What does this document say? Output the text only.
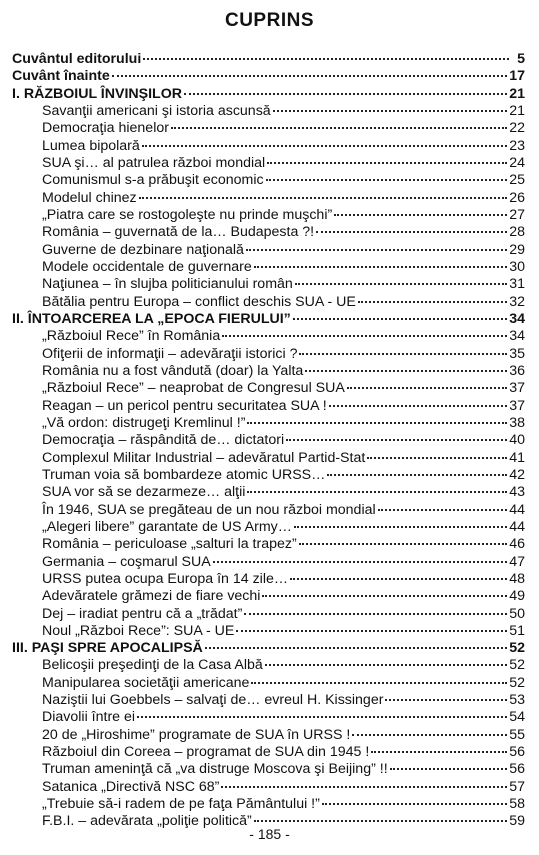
CUPRINS
Cuvântul editorului	5
Cuvânt înainte	17
I. RĂZBOIUL ÎNVINŞILOR	21
Savanţii americani şi istoria ascunsă	21
Democraţia hienelor	22
Lumea bipolară	23
SUA şi… al patrulea război mondial	24
Comunismul s-a prăbuşit economic	25
Modelul chinez	26
„Piatra care se rostogoleşte nu prinde muşchi”	27
România – guvernată de la… Budapesta ?!	28
Guverne de dezbinare naţională	29
Modele occidentale de guvernare	30
Naţiunea – în slujba politicianului român	31
Bătălia pentru Europa – conflict deschis SUA - UE	32
II. ÎNTOARCEREA LA „EPOCA FIERULUI”	34
„Războiul Rece” în România	34
Ofiţerii de informaţii – adevăraţii istorici ?	35
România nu a fost vândută (doar) la Yalta	36
„Războiul Rece” – neaprobat de Congresul SUA	37
Reagan – un pericol pentru securitatea SUA !	37
„Vă ordon: distrugeţi Kremlinul !”	38
Democraţia – răspândită de… dictatori	40
Complexul Militar Industrial – adevăratul Partid-Stat	41
Truman voia să bombardeze atomic URSS…	42
SUA vor să se dezarmeze… alţii	43
În 1946, SUA se pregăteau de un nou război mondial	44
„Alegeri libere” garantate de US Army…	44
România – periculoase „salturi la trapez”	46
Germania – coşmarul SUA	47
URSS putea ocupa Europa în 14 zile…	48
Adevăratele grămezi de fiare vechi	49
Dej – iradiat pentru că a „trădat”	50
Noul „Război Rece”: SUA - UE	51
III. PAŞI SPRE APOCALIPSĂ	52
Belicoşii preşedinţi de la Casa Albă	52
Manipularea societăţii americane	52
Naziştii lui Goebbels – salvaţi de… evreul H. Kissinger	53
Diavolii între ei	54
20 de „Hiroshime” programate de SUA în URSS !	55
Războiul din Coreea – programat de SUA din 1945 !	56
Truman ameninţă că „va distruge Moscova şi Beijing” !!	56
Satanica „Directivă NSC 68”	57
„Trebuie să-i radem de pe faţa Pământului !”	58
F.B.I. – adevărata „poliţie politică”	59
- 185 -
